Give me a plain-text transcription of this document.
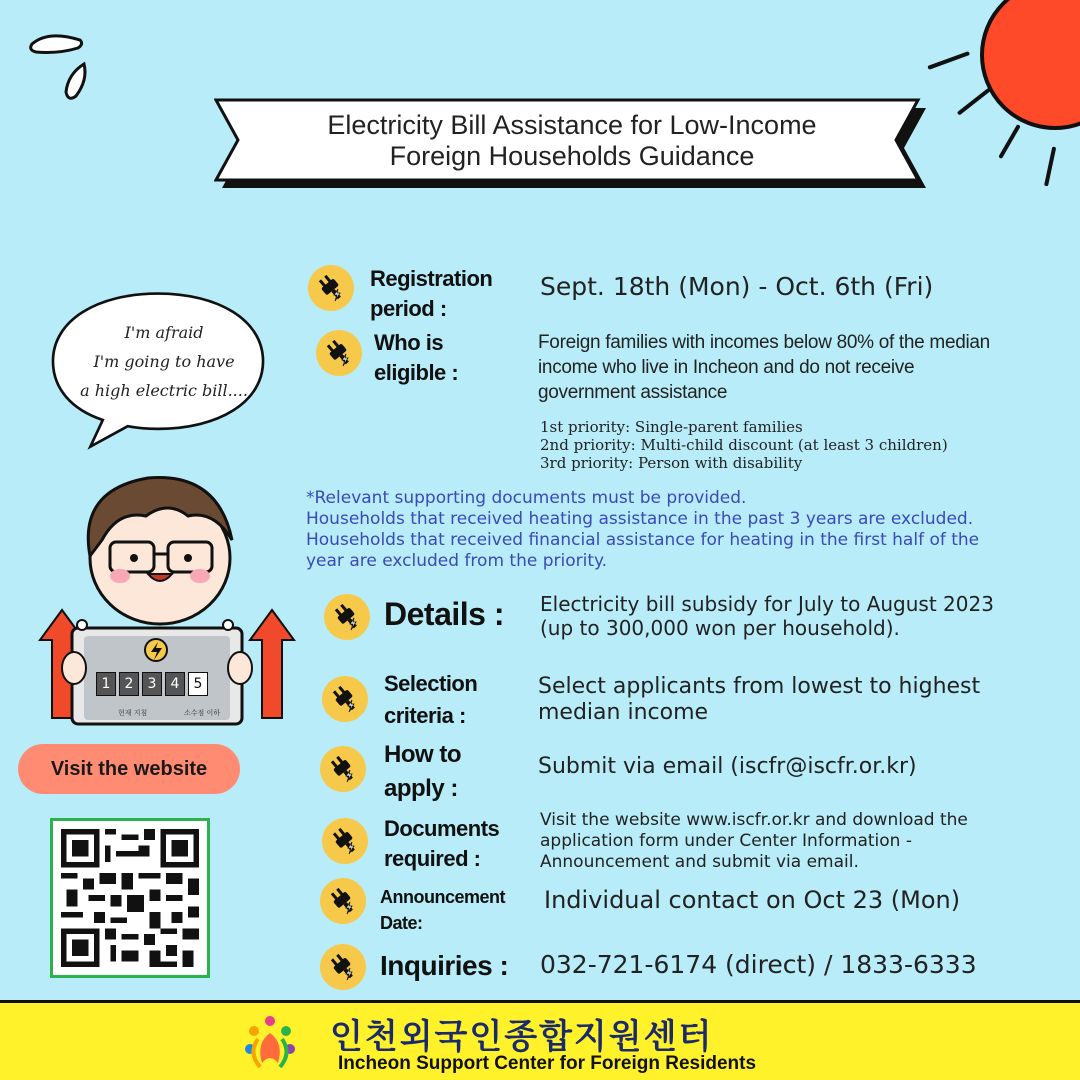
Electricity Bill Assistance for Low-Income
Foreign Households Guidance
I'm afraid
I'm going to have
a high electric bill....
1	2	3	4	5
현재 지침	소수점 이하
Visit the website
Registration
period :
Sept. 18th (Mon) - Oct. 6th (Fri)
Who is
eligible :
Foreign families with incomes below 80% of the median
income who live in Incheon and do not receive
government assistance
1st priority: Single-parent families
2nd priority: Multi-child discount (at least 3 children)
3rd priority: Person with disability
*Relevant supporting documents must be provided.
Households that received heating assistance in the past 3 years are excluded.
Households that received financial assistance for heating in the first half of the
year are excluded from the priority.
Details : Electricity bill subsidy for July to August 2023
(up to 300,000 won per household).
Selection
criteria :
Select applicants from lowest to highest
median income
How to
apply :
Submit via email (iscfr@iscfr.or.kr)
Documents
required :
Visit the website www.iscfr.or.kr and download the
application form under Center Information -
Announcement and submit via email.
Announcement
Date:
Individual contact on Oct 23 (Mon)
Inquiries : 032-721-6174 (direct) / 1833-6333
인천외국인종합지원센터
Incheon Support Center for Foreign Residents
